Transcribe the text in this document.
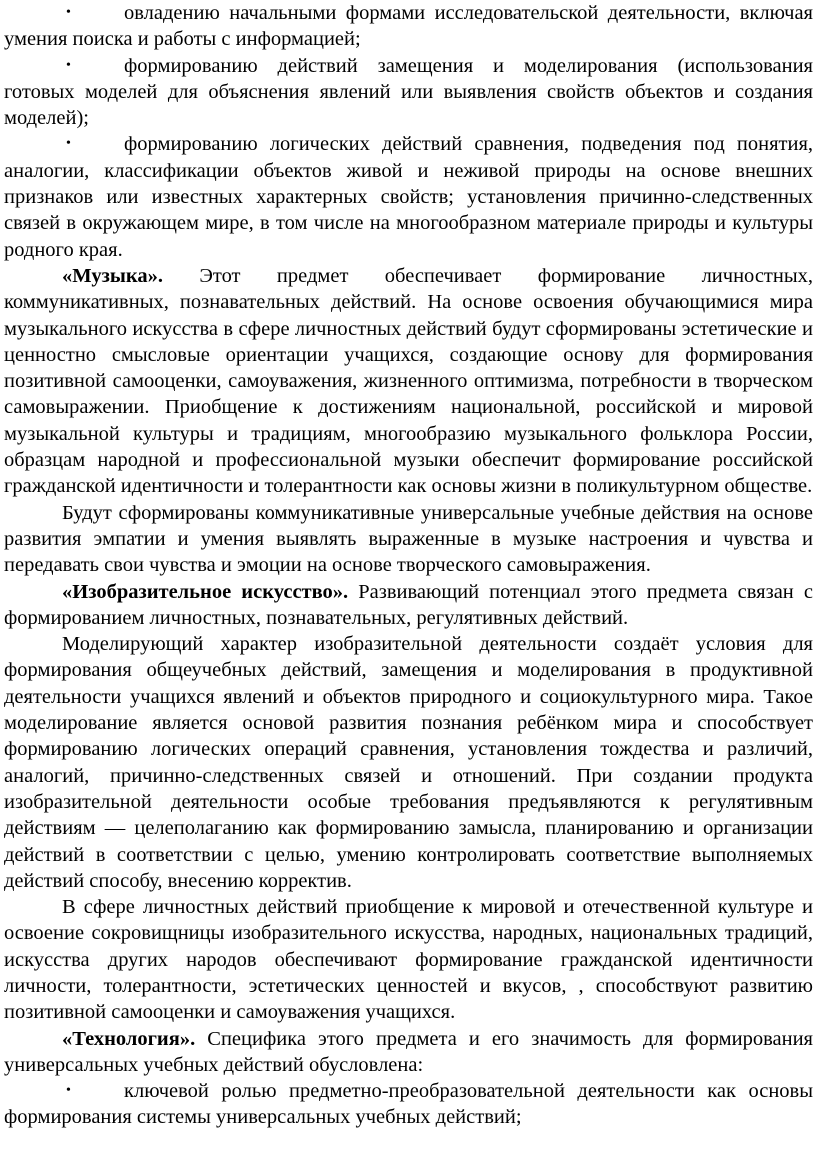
•	овладению начальными формами исследовательской деятельности, включая умения поиска и работы с информацией;

•	формированию действий замещения и моделирования (использования готовых моделей для объяснения явлений или выявления свойств объектов и создания моделей);

•	формированию логических действий сравнения, подведения под понятия, аналогии, классификации объектов живой и неживой природы на основе внешних признаков или известных характерных свойств; установления причинно-следственных связей в окружающем мире, в том числе на многообразном материале природы и культуры родного края.

«Музыка». Этот предмет обеспечивает формирование личностных, коммуникативных, познавательных действий. На основе освоения обучающимися мира музыкального искусства в сфере личностных действий будут сформированы эстетические и ценностно смысловые ориентации учащихся, создающие основу для формирования позитивной самооценки, самоуважения, жизненного оптимизма, потребности в творческом самовыражении. Приобщение к достижениям национальной, российской и мировой музыкальной культуры и традициям, многообразию музыкального фольклора России, образцам народной и профессиональной музыки обеспечит формирование российской гражданской идентичности и толерантности как основы жизни в поликультурном обществе.

Будут сформированы коммуникативные универсальные учебные действия на основе развития эмпатии и умения выявлять выраженные в музыке настроения и чувства и передавать свои чувства и эмоции на основе творческого самовыражения.

«Изобразительное искусство». Развивающий потенциал этого предмета связан с формированием личностных, познавательных, регулятивных действий.

Моделирующий характер изобразительной деятельности создаёт условия для формирования общеучебных действий, замещения и моделирования в продуктивной деятельности учащихся явлений и объектов природного и социокультурного мира. Такое моделирование является основой развития познания ребёнком мира и способствует формированию логических операций сравнения, установления тождества и различий, аналогий, причинно-следственных связей и отношений. При создании продукта изобразительной деятельности особые требования предъявляются к регулятивным действиям — целеполаганию как формированию замысла, планированию и организации действий в соответствии с целью, умению контролировать соответствие выполняемых действий способу, внесению корректив.

В сфере личностных действий приобщение к мировой и отечественной культуре и освоение сокровищницы изобразительного искусства, народных, национальных традиций, искусства других народов обеспечивают формирование гражданской идентичности личности, толерантности, эстетических ценностей и вкусов, , способствуют развитию позитивной самооценки и самоуважения учащихся.

«Технология». Специфика этого предмета и его значимость для формирования универсальных учебных действий обусловлена:

•	ключевой ролью предметно-преобразовательной деятельности как основы формирования системы универсальных учебных действий;
